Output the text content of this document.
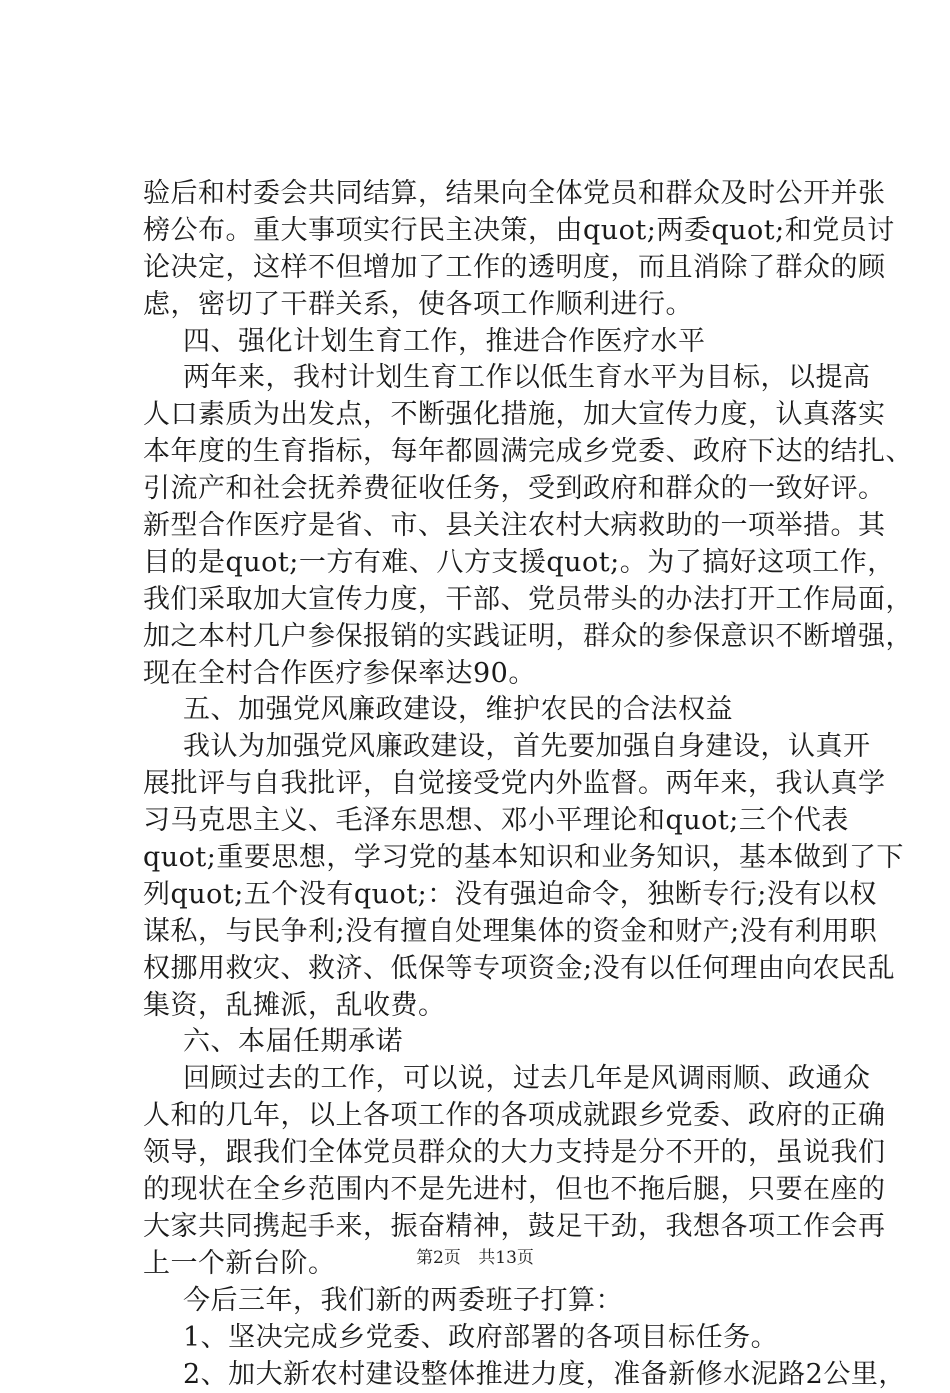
验后和村委会共同结算，结果向全体党员和群众及时公开并张
榜公布。重大事项实行民主决策，由quot;两委quot;和党员讨
论决定，这样不但增加了工作的透明度，而且消除了群众的顾
虑，密切了干群关系，使各项工作顺利进行。
四、强化计划生育工作，推进合作医疗水平
两年来，我村计划生育工作以低生育水平为目标，以提高
人口素质为出发点，不断强化措施，加大宣传力度，认真落实
本年度的生育指标，每年都圆满完成乡党委、政府下达的结扎、
引流产和社会抚养费征收任务，受到政府和群众的一致好评。
新型合作医疗是省、市、县关注农村大病救助的一项举措。其
目的是quot;一方有难、八方支援quot;。为了搞好这项工作，
我们采取加大宣传力度，干部、党员带头的办法打开工作局面，
加之本村几户参保报销的实践证明，群众的参保意识不断增强，
现在全村合作医疗参保率达90。
五、加强党风廉政建设，维护农民的合法权益
我认为加强党风廉政建设，首先要加强自身建设，认真开
展批评与自我批评，自觉接受党内外监督。两年来，我认真学
习马克思主义、毛泽东思想、邓小平理论和quot;三个代表
quot;重要思想，学习党的基本知识和业务知识，基本做到了下
列quot;五个没有quot;：没有强迫命令，独断专行;没有以权
谋私，与民争利;没有擅自处理集体的资金和财产;没有利用职
权挪用救灾、救济、低保等专项资金;没有以任何理由向农民乱
集资，乱摊派，乱收费。
六、本届任期承诺
回顾过去的工作，可以说，过去几年是风调雨顺、政通众
人和的几年，以上各项工作的各项成就跟乡党委、政府的正确
领导，跟我们全体党员群众的大力支持是分不开的，虽说我们
的现状在全乡范围内不是先进村，但也不拖后腿，只要在座的
大家共同携起手来，振奋精神，鼓足干劲，我想各项工作会再
上一个新台阶。
今后三年，我们新的两委班子打算：
1、坚决完成乡党委、政府部署的各项目标任务。
2、加大新农村建设整体推进力度，准备新修水泥路2公里，
第2页 共13页
